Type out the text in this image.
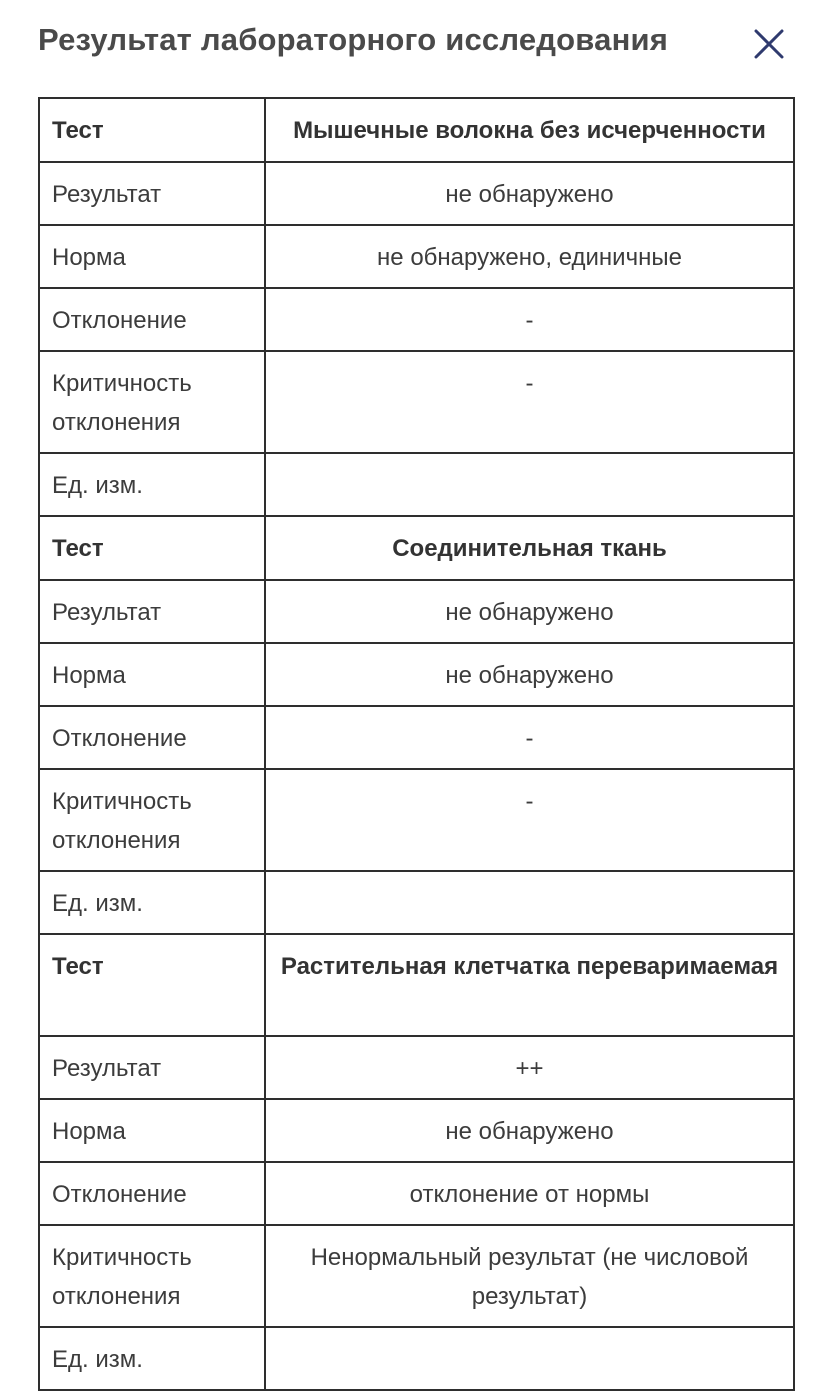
Результат лабораторного исследования
Тест	Мышечные волокна без исчерченности
Результат	не обнаружено
Норма	не обнаружено, единичные
Отклонение	-
Критичность отклонения	-
Ед. изм.	
Тест	Соединительная ткань
Результат	не обнаружено
Норма	не обнаружено
Отклонение	-
Критичность отклонения	-
Ед. изм.	
Тест	Растительная клетчатка переваримаемая
Результат	++
Норма	не обнаружено
Отклонение	отклонение от нормы
Критичность отклонения	Ненормальный результат (не числовой результат)
Ед. изм.	
